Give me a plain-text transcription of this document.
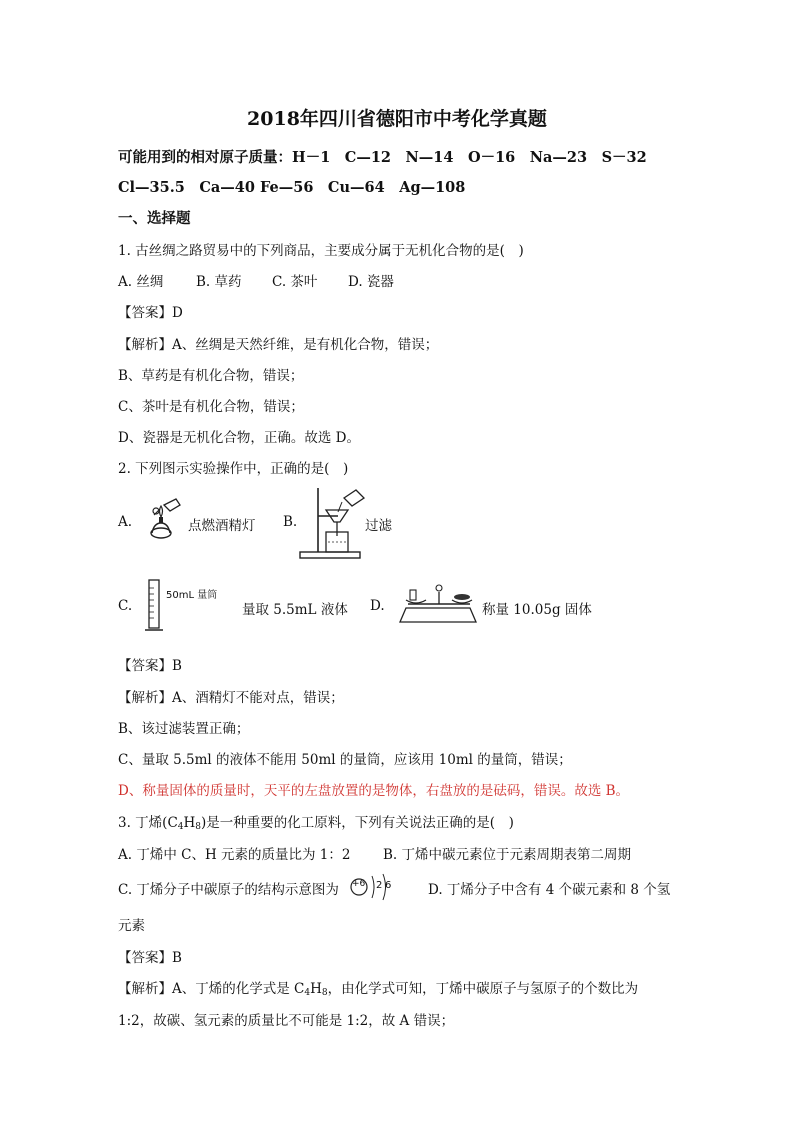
2018年四川省德阳市中考化学真题
可能用到的相对原子质量：H－1　C—12　N—14　O－16　Na—23　S－32
Cl—35.5　Ca—40 Fe—56　Cu—64　Ag—108
一、选择题
1. 古丝绸之路贸易中的下列商品，主要成分属于无机化合物的是(　)
A. 丝绸 B. 草药 C. 茶叶 D. 瓷器
【答案】D
【解析】A、丝绸是天然纤维，是有机化合物，错误；
B、草药是有机化合物，错误；
C、茶叶是有机化合物，错误；
D、瓷器是无机化合物，正确。故选 D。
2. 下列图示实验操作中，正确的是(　)
A.	点燃酒精灯 B.	过滤
C.
50mL 量筒
量取 5.5mL 液体 D.	称量 10.05g 固体
【答案】B
【解析】A、酒精灯不能对点，错误；
B、该过滤装置正确；
C、量取 5.5ml 的液体不能用 50ml 的量筒，应该用 10ml 的量筒，错误；
D、称量固体的质量时，天平的左盘放置的是物体，右盘放的是砝码，错误。故选 B。
3. 丁烯$(C_4H_8)$是一种重要的化工原料，下列有关说法正确的是(　)
A. 丁烯中 C、H 元素的质量比为 1：2 B. 丁烯中碳元素位于元素周期表第二周期
C. 丁烯分子中碳原子的结构示意图为 +6 2 6	D. 丁烯分子中含有 4 个碳元素和 8 个氢
元素
【答案】B
【解析】A、丁烯的化学式是 $C_4H_8$，由化学式可知，丁烯中碳原子与氢原子的个数比为
1:2，故碳、氢元素的质量比不可能是 1:2，故 A 错误；
